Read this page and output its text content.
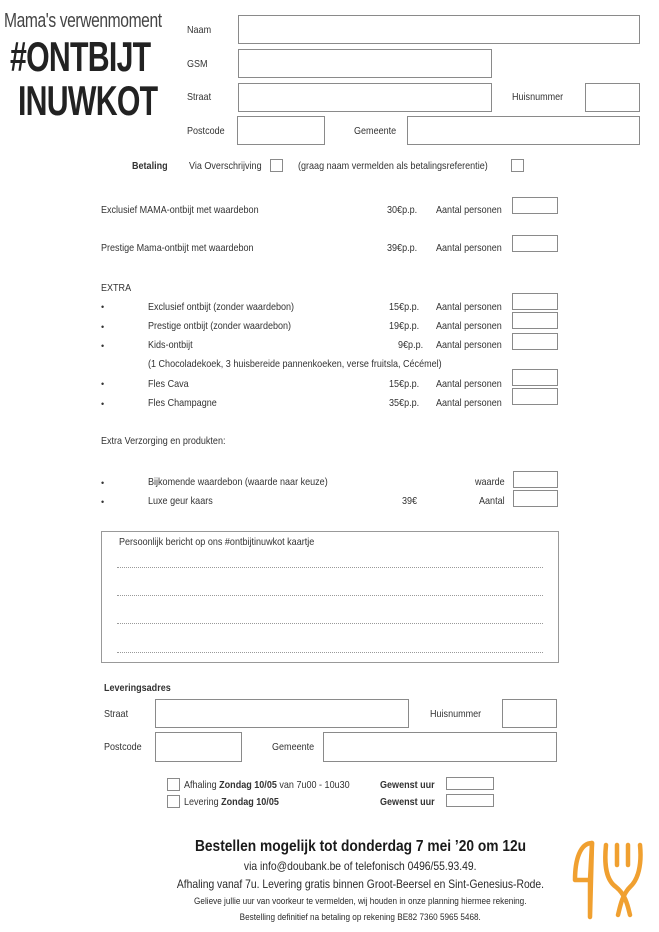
Mama's verwenmoment
#ONTBIJT
INUWKOT
Naam
GSM
Straat	Huisnummer
Postcode	Gemeente
Betaling Via Overschrijving	(graag naam vermelden als betalingsreferentie)
Exclusief MAMA-ontbijt met waardebon	30€p.p. Aantal personen
Prestige Mama-ontbijt met waardebon	39€p.p. Aantal personen
EXTRA
•	Exclusief ontbijt (zonder waardebon)	15€p.p. Aantal personen
•	Prestige ontbijt (zonder waardebon)	19€p.p. Aantal personen
•	Kids-ontbijt	9€p.p. Aantal personen
(1 Chocoladekoek, 3 huisbereide pannenkoeken, verse fruitsla, Cécémel)
•	Fles Cava	15€p.p. Aantal personen
•	Fles Champagne	35€p.p. Aantal personen
Extra Verzorging en produkten:
•	Bijkomende waardebon (waarde naar keuze)	waarde
•	Luxe geur kaars	39€	Aantal
Persoonlijk bericht op ons #ontbijtinuwkot kaartje
Leveringsadres
Straat	Huisnummer
Postcode	Gemeente
Afhaling Zondag 10/05 van 7u00 - 10u30	Gewenst uur
Levering Zondag 10/05	Gewenst uur
Bestellen mogelijk tot donderdag 7 mei ’20 om 12u
via info@doubank.be of telefonisch 0496/55.93.49.
Afhaling vanaf 7u. Levering gratis binnen Groot-Beersel en Sint-Genesius-Rode.
Gelieve jullie uur van voorkeur te vermelden, wij houden in onze planning hiermee rekening.
Bestelling definitief na betaling op rekening BE82 7360 5965 5468.
